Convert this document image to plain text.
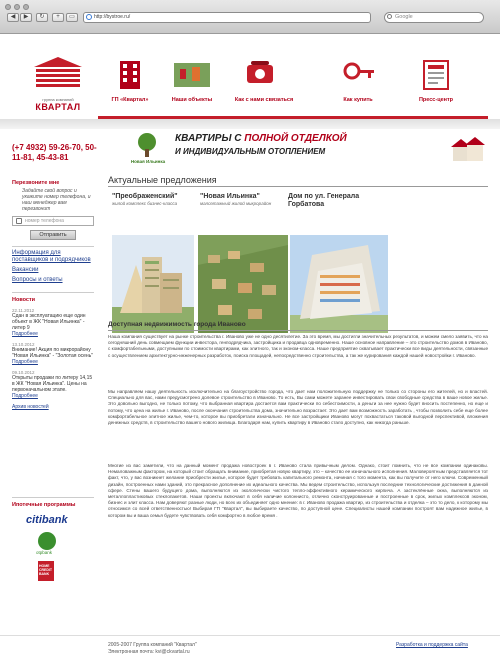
◀	▶	↻	+	▭	http://bystroe.ru/	Google
группа компаний
КВАРТАЛ
ГП «Квартал»	Наши объекты	Как с нами связаться	Как купить	Пресс-центр
Новая Ильинка
КВАРТИРЫ С ПОЛНОЙ ОТДЕЛКОЙ
И ИНДИВИДУАЛЬНЫМ ОТОПЛЕНИЕМ
(+7 4932) 59-26-70, 50-11-81, 45-43-81
Перезвоните мне
Задайте свой вопрос и укажите номер телефона, и наш менеджер вам перезвонит
номер телефона
Отправить
Информация для поставщиков и подрядчиков
Вакансии
Вопросы и ответы
Новости
22.11.2012
Сдан в эксплуатацию еще один объект в ЖК "Новая Ильинка" - литер 9
Подробнее
13.10.2012
Внимание! Акция по микрорайону "Новая Ильинка" - "Золотая осень"
Подробнее
09.10.2012
Открыты продажи по литеру 14,15 в ЖК "Новая Ильинка". Цены на первоначальном этапе.
Подробнее
Архив новостей
Ипотечные программы
citibank
otpbank
HOME CREDIT BANK
Актуальные предложения
"Преображенский"
жилой комплекс бизнес-класса
"Новая Ильинка"
малоэтажный жилой микрорайон
Дом по ул. Генерала Горбатова
Доступная недвижимость города Иваново
Наша компания существует на рынке строительства г. Иваново уже не одно десятилетие. За это время, мы достигли значительных результатов, и можем смело заявить, что на сегодняшний день совмещаем функции инвестора, генподрядчика, застройщика и продавца одновременно. Наше основное направление – это строительство домов в Иваново, с комфортабельными, доступными по стоимости квартирами, как элитного, так и эконом-класса. Наше предприятие охватывает практически все виды деятельности, связанные с осуществлением архитектурно-инженерных разработок, поиска площадей, непосредственно строительства, а так же курирования каждой нашей новостройки г. Иваново.
Мы направляем нашу деятельность исключительно на благоустройство города, что дает нам положительную поддержку не только со стороны его жителей, но и властей. Специально для вас, нами предусмотрено долевое строительство в Иваново. То есть, Вы сами можете заранее инвестировать свои свободные средства в ваше новое жилье. Это довольно выгодно, не только потому, что выбранная квартира достается вам практически по себестоимости, а деньги за нее нужно будет вносить постепенно, но еще и потому, что цена на жилье г. Иваново, после окончания строительства дома, значительно возрастает. Это дает вам возможность заработать , чтобы позволить себе еще более комфортабельное элитное жилье, чем-то, которое вы приобретали изначально. Не все застройщики Иваново могут похвастаться таковой выгодной перспективой, вложения денежных средств, в строительство вашего нового жилища. Благодаря нам, купить квартиру в Иваново стало доступно, как никогда раньше.
Многие из вас заметили, что на данный момент продажа новостроек в г. Иваново стала привычным делом. Однако, стоит помнить, что не все компании одинаковы. Немаловажным фактором, на который стоит обращать внимание, приобретая новую квартиру, это – качество ее изначального исполнения. Маловероятным представляется тот факт, что, у вас возникнет желание приобрести жилье, которое будет требовать капитального ремонта, начиная с того момента, как вы получите от него ключи. Современный дизайн, построенных нами зданий, это прекрасное дополнение их идеального качества. Мы ведем строительство, используя последние технологические достижения в данной сфере. Стены вашего будущего дома, выполняются из экологически чистого тепло-эффективного керамического кирпича. А застеклённые окна, выполняются из металлопластиковых стеклопакетов. Наши проекты включают в себя наличие колоннисто, отлично сконструированные и построенные в срок, жилых комплексов эконом, бизнес и элит класса. Нам доверяют разные люди, но всех их объединяет одно мнение: в г. Иваново продажа квартир, из строительства и отделка – это то дело, к которому мы относимся со всей ответственностью! Выбирая ГП "Квартал", вы выбираете качество, по доступной цене. Специалисты нашей компании построят вам надежное жилье, в котором вы и ваша семья будете чувствовать себя комфортно в любое время .
2005-2007 Группа компаний "Квартал"
Электронная почта: kvi@ckvartal.ru
Разработка и поддержка сайта
